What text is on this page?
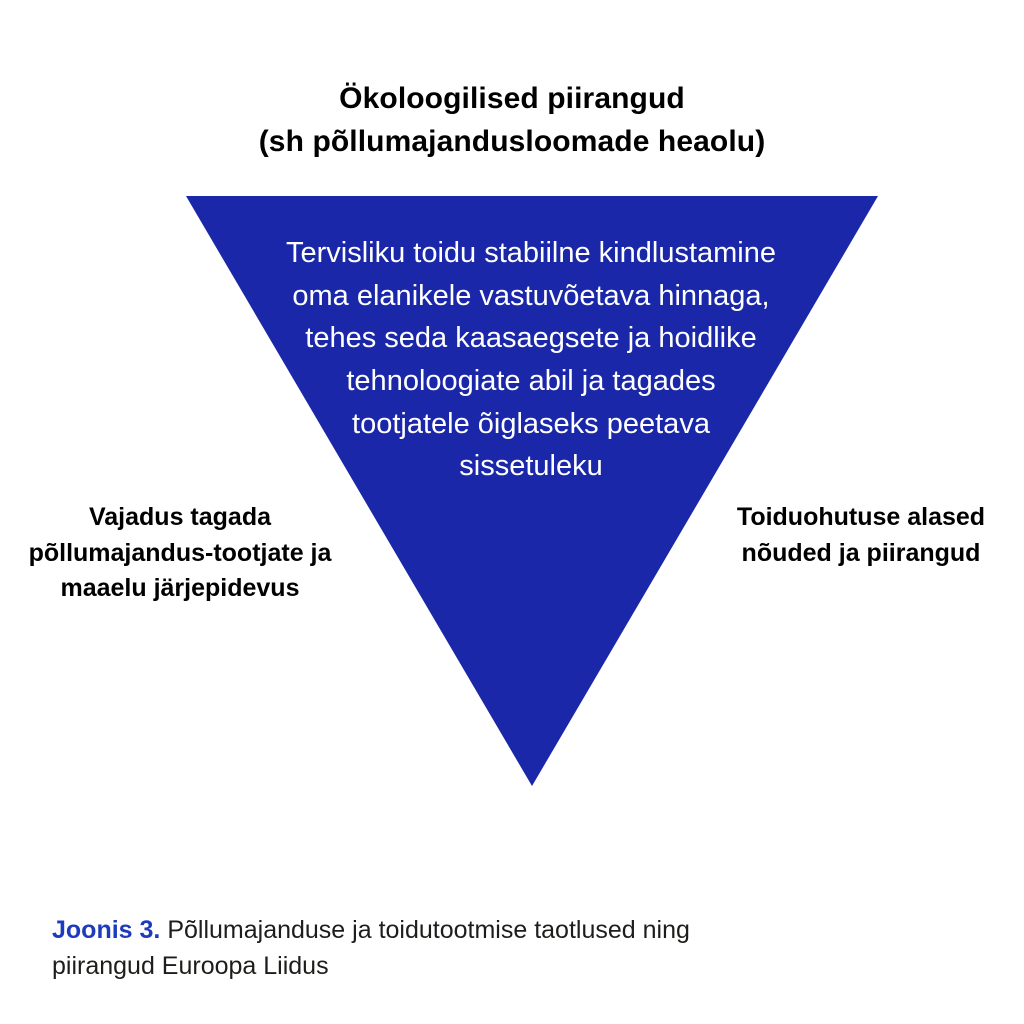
Ökoloogilised piirangud
(sh põllumajandusloomade heaolu)
Tervisliku toidu stabiilne kindlustamine oma elanikele vastuvõetava hinnaga, tehes seda kaasaegsete ja hoidlike tehnoloogiate abil ja tagades tootjatele õiglaseks peetava sissetuleku
Vajadus tagada põllumajandus-tootjate ja maaelu järjepidevus
Toiduohutuse alased nõuded ja piirangud
Joonis 3. Põllumajanduse ja toidutootmise taotlused ning piirangud Euroopa Liidus
